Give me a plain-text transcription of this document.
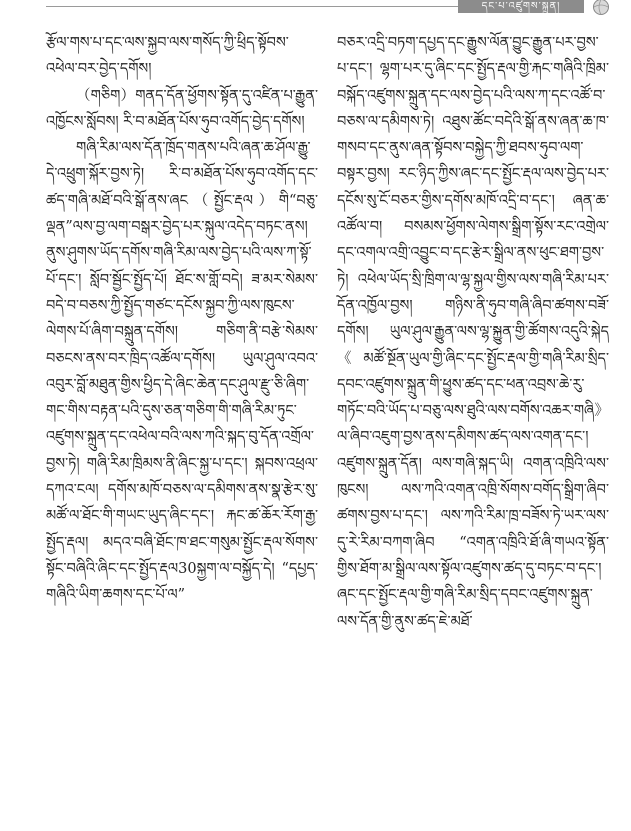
དང་པ་འཛུགས་སྐྲུན།

རྩོལ་གས་པ་དང་ལས་སྐྱབ་ལས་གསོད་ཀྱི་ཕྲིད་སྟོབས་འཕེལ་བར་བྱེད་དགོས།

（གཅིག）གནད་དོན་ཕྱོགས་སྟོན་དུ་འཛིན་པ་རྒྱུན་འཁྱོངས་སློབས། རི་བ་མཐོན་པོས་ཧུབ་འགོད་བྱེད་དགོས།

གཞི་རིམ་ལས་དོན་ཁྲོད་གནས་པའི་ཞན་ཆ་ཤོལ་རྒྱུ་དེ་འཕྲུག་སྐོར་བྱས་ཏེ། རི་བ་མཐོན་པོས་ཧུབ་འགོད་དང་ཚད་གཞི་མཐོ་བའི་སྒོ་ནས་ཞང（སྤྱོང་རྡལ）གི“བཅུ་ལྡན”ལས་བྱ་ལག་བསྒར་བྱེད་པར་སྐུལ་འདེད་བཏང་ནས། ནུས་ཤུགས་ཡོད་དགོས་གཞི་རིམ་ལས་བྱེད་པའི་ལས་ཀ་སྟོ་པོ་དང་། སློབ་སྦྱོང་སྤྱོད་པོ། ཐོང་ས་གློ་བདེ། ཟ་མར་སེམས་བདེ་བ་བཅས་ཀྱི་སྤྱོད་གཙང་དངོས་སྐྱབ་ཀྱི་ལས་ཁུངས་ལེགས་པོ་ཞིག་བསྐྲུན་དགོས། གཅིག་ནི་བརྩེ་སེམས་བཅངས་ནས་བར་ཁྲིད་འཚོལ་དགོས། ཡུལ་ཤུལ་འབའ་འབུར་བློ་མཐུན་གྱིས་ཕྱིད་དེ་ཞིང་ཆེན་དང་ཤུལ་རྫུ་ཅི་ཞིག་གང་གིས་བརྟན་པའི་དུས་ཅན་གཅིག་གི་གཞི་རིམ་ཏུང་འཛུགས་སྐྲུན་དང་འཕེལ་བའི་ལས་ཀའི་སྐད་བུ་དོན་འགྲོལ་བྱས་ཏེ། གཞི་རིམ་ཁྲིམས་ནི་ཞིང་སྐྱ་པ་དང་། སྐབས་འཕྲལ་དཀའ་ངལ། དགོས་མཁོ་བཅས་ལ་དམིགས་ནས་སྣ་རྩེར་སུ་མཚོ་ལ་ཐོང་གི་གཡང་ཡུད་ཞིང་དང་། རྐང་ཚ་ཆོར་རོག་རྒྱ་སྤྱོད་རྡལ། མདའ་བཞི་ཐོང་ཁ་ཐང་གསུམ་སྤྱོང་རྡལ་སོགས་སྟོང་བཞིའི་ཞིང་དང་སྤྱོད་རྡལ30སྐྱག་ལ་བསྐྱོད་དེ། “དཔྱད་གཞིའི་ཡིག་ཆགས་དང་པོ་ལ”

བཅར་འདྲི་བཏག་དཔྱད་དང་རྒྱུས་ལོན་བྱུང་རྒྱུན་པར་བྱས་པ་དང་། ལྷག་པར་དུ་ཞིང་དང་སྤྱོད་རྡལ་གྱི་རྐང་གཞིའི་ཁྲིམ་བསྐོད་འཛུགས་སྐྲུན་དང་ལས་བྱེད་པའི་ལས་ཀ་དང་འཚོ་བ་བཅས་ལ་དམིགས་ཏེ། འཐུས་ཚོང་བདེའི་སྒོ་ནས་ཞན་ཆ་ཁ་གསབ་དང་ནུས་ཞན་སྟོབས་བསྐྱེད་ཀྱི་ཐབས་ཧུབ་ལག་བསྟར་བྱས། རང་ཉིད་ཀྱིས་ཞང་དང་སྤྱོང་རྡལ་ལས་བྱེད་པར་དངོས་སུ་ངོ་བཅར་གྱིས་དགོས་མཁོ་འདྲི་བ་དང་། ཞན་ཆ་འཚོལ་བ། བསམས་ཕྱོགས་ལེགས་སྒྲིག་སྟོས་རང་འགྲེལ་དང་འགལ་འགྲི་འབྱུང་བ་དང་རྩེར་སྒྲིལ་ནས་ཕུང་ཐག་བྱས་ཏེ། འཕེལ་ཡོད་སྲི་ཁྲིག་ལ་ལྷ་སྐྱལ་གྱིས་ལས་གཞི་རིམ་པར་དོན་འཁྱོལ་བྱས། གཉིས་ནི་ཧུབ་གཞི་ཞིབ་ཚགས་བཟོ་དགོས། ཡུལ་ཤུལ་རྒྱུན་ལས་ལྷ་སྐྱུན་གྱི་ཚོགས་འདུའི་སྐེད《མཚོ་སྔོན་ཡུལ་གྱི་ཞིང་དང་སྤྱོང་རྡལ་གྱི་གཞི་རིམ་སྲིད་དབང་འཛུགས་སྐྲུན་གི་ཕྱུས་ཚད་དང་ཕན་འབྲས་ཆེ་རུ་གཏོང་བའི་ཡོད་པ་བཅུ་ལས་ཐུའི་ལས་བགོས་འཆར་གཞི》ལ་ཞིབ་འཇུག་བྱས་ནས་དམིགས་ཚད་ལས་འགན་དང་། འཛུགས་སྐྲུན་དོན། ལས་གཞི་སྐད་ཡི། འགན་འཁྲིའི་ལས་ཁུངས། ལས་ཀའི་འགན་འཁྲི་སོགས་བགོད་སྒྲིག་ཞིབ་ཚགས་བྱས་པ་དང་། ལས་ཀའི་རིམ་ཁྲ་བཟོས་ཏེ་ཡར་ལས་དུ་རེ་རིམ་བཀག་ཞིབ “འགན་འཁྲིའི་ཐོ་ཞི་གཡའ་སྟོན་གྱིས་ཐོག་མ་སྒྲིལ་ལས་སྟོལ་འཛུགས་ཚད་དུ་བཏང་བ་དང་། ཞང་དང་སྤྱོང་རྡལ་གྱི་གཞི་རིམ་སྲིད་དབང་འཛུགས་སྐྲུན་ལས་དོན་གྱི་ནུས་ཚད་ཇེ་མཐོ་
